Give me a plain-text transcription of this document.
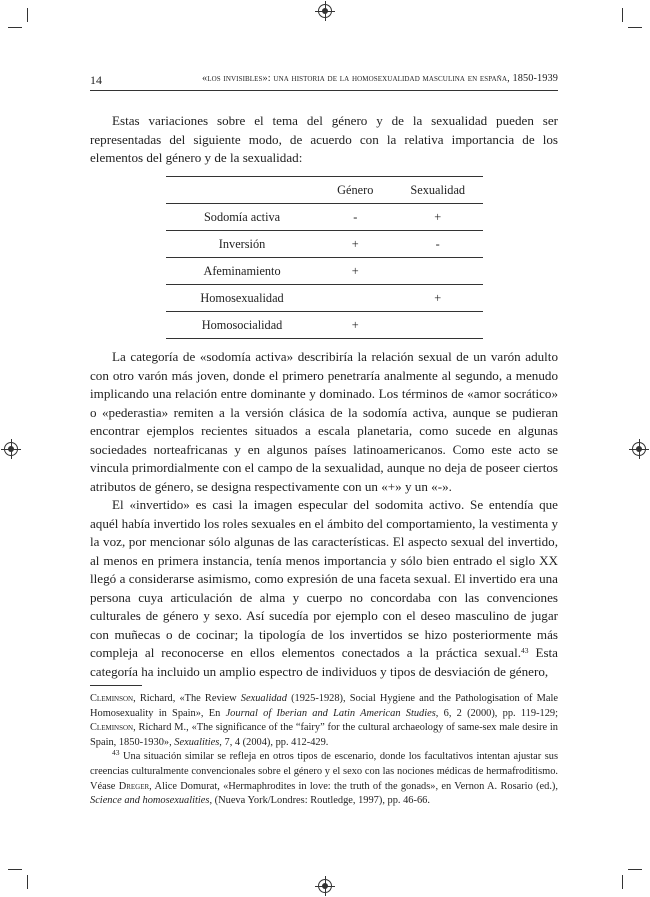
14	«los invisibles»: una historia de la homosexualidad masculina en españa, 1850-1939

Estas variaciones sobre el tema del género y de la sexualidad pueden ser representadas del siguiente modo, de acuerdo con la relativa importancia de los elementos del género y de la sexualidad:

	Género	Sexualidad
Sodomía activa	-	+
Inversión	+	-
Afeminamiento	+	
Homosexualidad		+
Homosocialidad	+	

La categoría de «sodomía activa» describiría la relación sexual de un varón adulto con otro varón más joven, donde el primero penetraría analmente al segundo, a menudo implicando una relación entre dominante y dominado. Los términos de «amor socrático» o «pederastia» remiten a la versión clásica de la sodomía activa, aunque se pudieran encontrar ejemplos recientes situados a escala planetaria, como sucede en algunas sociedades norteafricanas y en algunos países latinoamericanos. Como este acto se vincula primordialmente con el campo de la sexualidad, aunque no deja de poseer ciertos atributos de género, se designa respectivamente con un «+» y un «-».

El «invertido» es casi la imagen especular del sodomita activo. Se entendía que aquél había invertido los roles sexuales en el ámbito del comportamiento, la vestimenta y la voz, por mencionar sólo algunas de las características. El aspecto sexual del invertido, al menos en primera instancia, tenía menos importancia y sólo bien entrado el siglo XX llegó a considerarse asimismo, como expresión de una faceta sexual. El invertido era una persona cuya articulación de alma y cuerpo no concordaba con las convenciones culturales de género y sexo. Así sucedía por ejemplo con el deseo masculino de jugar con muñecas o de cocinar; la tipología de los invertidos se hizo posteriormente más compleja al reconocerse en ellos elementos conectados a la práctica sexual.$^{43}$ Esta categoría ha incluido un amplio espectro de individuos y tipos de desviación de género,

Cleminson, Richard, «The Review Sexualidad (1925-1928), Social Hygiene and the Pathologisation of Male Homosexuality in Spain», En Journal of Iberian and Latin American Studies, 6, 2 (2000), pp. 119-129; Cleminson, Richard M., «The significance of the “fairy” for the cultural archaeology of same-sex male desire in Spain, 1850-1930», Sexualities, 7, 4 (2004), pp. 412-429.

$^{43}$ Una situación similar se refleja en otros tipos de escenario, donde los facultativos intentan ajustar sus creencias culturalmente convencionales sobre el género y el sexo con las nociones médicas de hermafroditismo. Véase Dreger, Alice Domurat, «Hermaphrodites in love: the truth of the gonads», en Vernon A. Rosario (ed.), Science and homosexualities, (Nueva York/Londres: Routledge, 1997), pp. 46-66.
